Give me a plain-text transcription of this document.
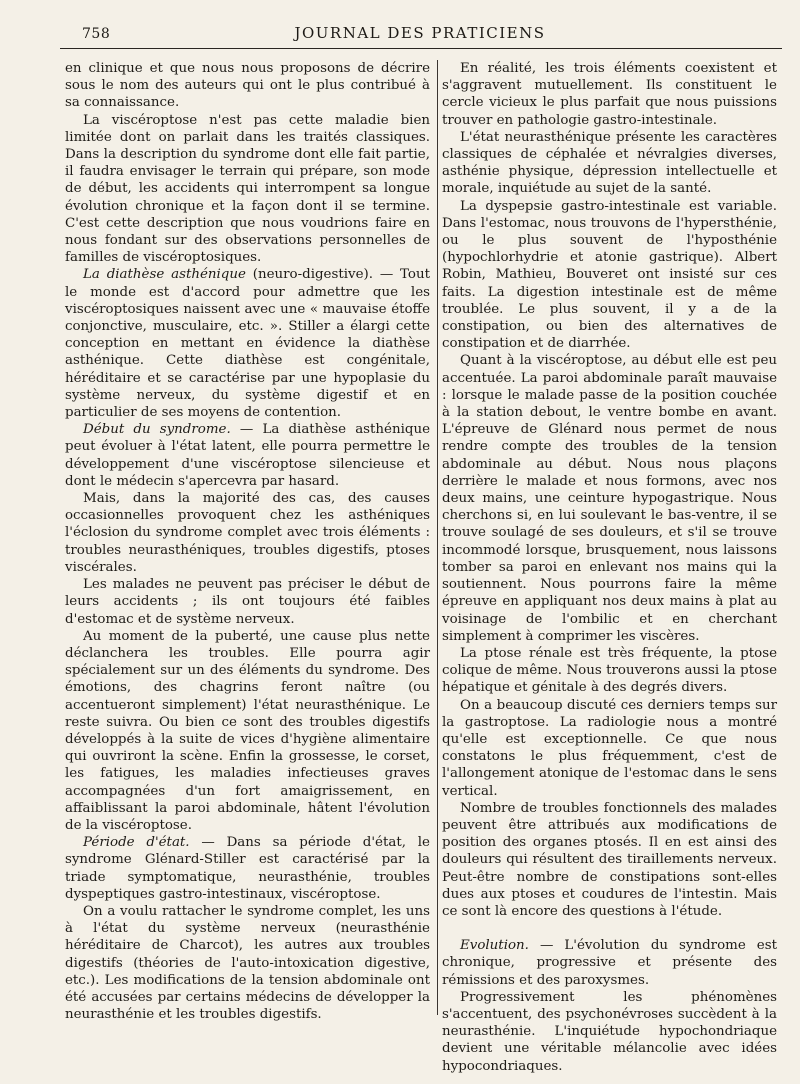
758	JOURNAL DES PRATICIENS

en clinique et que nous nous proposons de décrire sous le nom des auteurs qui ont le plus contribué à sa connaissance.

La viscéroptose n'est pas cette maladie bien limitée dont on parlait dans les traités classiques. Dans la description du syndrome dont elle fait partie, il faudra envisager le terrain qui prépare, son mode de début, les accidents qui interrompent sa longue évolution chronique et la façon dont il se termine. C'est cette description que nous voudrions faire en nous fondant sur des observations personnelles de familles de viscéroptosiques.

La diathèse asthénique (neuro-digestive). — Tout le monde est d'accord pour admettre que les viscéroptosiques naissent avec une « mauvaise étoffe conjonctive, musculaire, etc. ». Stiller a élargi cette conception en mettant en évidence la diathèse asthénique. Cette diathèse est congénitale, héréditaire et se caractérise par une hypoplasie du système nerveux, du système digestif et en particulier de ses moyens de contention.

Début du syndrome. — La diathèse asthénique peut évoluer à l'état latent, elle pourra permettre le développement d'une viscéroptose silencieuse et dont le médecin s'apercevra par hasard.

Mais, dans la majorité des cas, des causes occasionnelles provoquent chez les asthéniques l'éclosion du syndrome complet avec trois éléments : troubles neurasthéniques, troubles digestifs, ptoses viscérales.

Les malades ne peuvent pas préciser le début de leurs accidents ; ils ont toujours été faibles d'estomac et de système nerveux.

Au moment de la puberté, une cause plus nette déclanchera les troubles. Elle pourra agir spécialement sur un des éléments du syndrome. Des émotions, des chagrins feront naître (ou accentueront simplement) l'état neurasthénique. Le reste suivra. Ou bien ce sont des troubles digestifs développés à la suite de vices d'hygiène alimentaire qui ouvriront la scène. Enfin la grossesse, le corset, les fatigues, les maladies infectieuses graves accompagnées d'un fort amaigrissement, en affaiblissant la paroi abdominale, hâtent l'évolution de la viscéroptose.

Période d'état. — Dans sa période d'état, le syndrome Glénard-Stiller est caractérisé par la triade symptomatique, neurasthénie, troubles dyspeptiques gastro-intestinaux, viscéroptose.

On a voulu rattacher le syndrome complet, les uns à l'état du système nerveux (neurasthénie héréditaire de Charcot), les autres aux troubles digestifs (théories de l'auto-intoxication digestive, etc.). Les modifications de la tension abdominale ont été accusées par certains médecins de développer la neurasthénie et les troubles digestifs.

En réalité, les trois éléments coexistent et s'aggravent mutuellement. Ils constituent le cercle vicieux le plus parfait que nous puissions trouver en pathologie gastro-intestinale.

L'état neurasthénique présente les caractères classiques de céphalée et névralgies diverses, asthénie physique, dépression intellectuelle et morale, inquiétude au sujet de la santé.

La dyspepsie gastro-intestinale est variable. Dans l'estomac, nous trouvons de l'hypersthénie, ou le plus souvent de l'hyposthénie (hypochlorhydrie et atonie gastrique). Albert Robin, Mathieu, Bouveret ont insisté sur ces faits. La digestion intestinale est de même troublée. Le plus souvent, il y a de la constipation, ou bien des alternatives de constipation et de diarrhée.

Quant à la viscéroptose, au début elle est peu accentuée. La paroi abdominale paraît mauvaise : lorsque le malade passe de la position couchée à la station debout, le ventre bombe en avant. L'épreuve de Glénard nous permet de nous rendre compte des troubles de la tension abdominale au début. Nous nous plaçons derrière le malade et nous formons, avec nos deux mains, une ceinture hypogastrique. Nous cherchons si, en lui soulevant le bas-ventre, il se trouve soulagé de ses douleurs, et s'il se trouve incommodé lorsque, brusquement, nous laissons tomber sa paroi en enlevant nos mains qui la soutiennent. Nous pourrons faire la même épreuve en appliquant nos deux mains à plat au voisinage de l'ombilic et en cherchant simplement à comprimer les viscères.

La ptose rénale est très fréquente, la ptose colique de même. Nous trouverons aussi la ptose hépatique et génitale à des degrés divers.

On a beaucoup discuté ces derniers temps sur la gastroptose. La radiologie nous a montré qu'elle est exceptionnelle. Ce que nous constatons le plus fréquemment, c'est de l'allongement atonique de l'estomac dans le sens vertical.

Nombre de troubles fonctionnels des malades peuvent être attribués aux modifications de position des organes ptosés. Il en est ainsi des douleurs qui résultent des tiraillements nerveux. Peut-être nombre de constipations sont-elles dues aux ptoses et coudures de l'intestin. Mais ce sont là encore des questions à l'étude.

Evolution. — L'évolution du syndrome est chronique, progressive et présente des rémissions et des paroxysmes.

Progressivement les phénomènes s'accentuent, des psychonévroses succèdent à la neurasthénie. L'inquiétude hypochondriaque devient une véritable mélancolie avec idées hypocondriaques.
